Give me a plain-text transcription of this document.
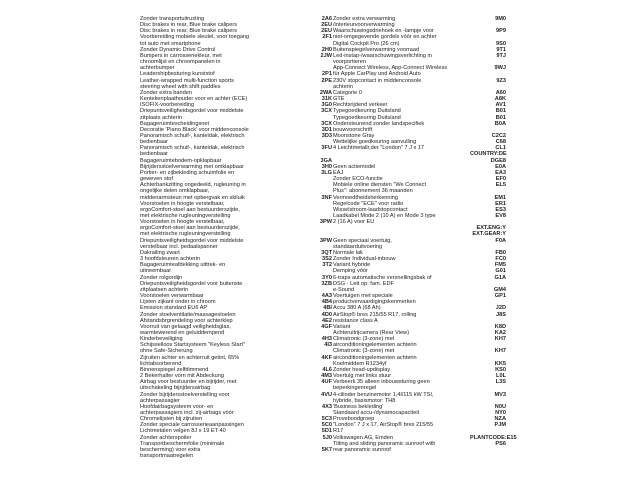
Zonder transportuitrusting
Disc brakes in rear, Blue brake calipers
Disc brakes in rear, Blue brake calipers
Voorbereiding mobiele sleutel, voor toegang
tot auto met smartphone
Zonder Dynamic Drive Control
Bumpers in carrosseriekleur, met
chroomlijst en chroompanelen in
achterbumper
Leadershipbesturing kunststof
Leather-wrapped multi-function sports
steering wheel with shift paddles
Zonder extra banden
Kentekenplaathouder voor en achter (ECE)
ISOFIX-voorbereiding
Driepuntsveiligheidsgordel voor middelste
zitplaats achterin
Bagageruimtescheidingsnet
Decoratie 'Piano Black' voor middenconsole
Panoramisch schuif-, kanteldak, elektrisch
bedienbaar
Panoramisch schuif-, kanteldak, elektrisch
bedienbaar
Bagageruimtebodem-opklapbaar
Bijrijdersstoelverwarming met omklapbaar
Portier- en zijbekleding schuimfolie en
geweven stof
Achterbankzitting ongedeeld, rugleuning in
ongelijke delen omklapbaar,
middenarmsteun met opbergvak en skiluik
Voorstoelen in hoogte verstelbaar,
ergoComfort-stoel aan bestuurderszijde,
met elektrische rugleuningverstelling
Voorstoelen in hoogte verstelbaar,
ergoComfort-stoel aan bestuurderszijde,
met elektrische rugleuningverstelling
Driepuntsveiligheidsgordel voor middelste
verstelbaar incl. pedaalspanner
Dakrailing zwart
3 hoofdsteunen achterin
Bagageruimteafdekking uittrek- en
uitneembaar
Zonder rolgordijn
Driepuntsveiligheidsgordel voor buitenste
zitplaatsen achterin
Voorstoelen verwarmbaar
Lijsten zijkant onder in chroom
Emission standard EU6 AP
Zonder stoelventilatie/massagestoelen
Afstandsbrgrendeling voor achterklep
Voorruit van gelaagd veiligheidsglas,
warmtewerend en geluiddempend
Kinderbeveiliging
Schijsselloos Startsysteem "Keyless Start"
ohne Safe-Sicherung
Zijruiten achter en achterruit getint, 65%
lichtabsorberend
Binnenspiegel zelfdimmend
2 Bekerhalter vorn mit Abdeckung
Airbag voor bestuurder en bijrijder, met
uitschakeling bijrijdersairbag
Zonder bijrijdersstoelverstelling voor
achterpassagier
Hoofdairbagsysteem voor- en
achterpassagiers incl. zij-airbags vóór
Chromelijsten bij zijruiten
Zonder speciale carrosserieaanpassingen
Lichtmetalen velgen 8J x 19 ET 40
Zonder achterspoiler
Transportbeschermfolie (minimale
bescherming) voor extra
transportmaatregelen
2A6
2EU
2EU
2F1

2H0
2JW

2P1
2PE

2WA
31K
3G0
3CX

3CX
3D1
3D3

3FU

3GA
3H0
3LG

3NF

3PW

3PW

3QT
3S2
3T2

3Y0
3ZB

4A3
4B4
4BI
4D0
4E2
4GF

4H3
4I3

4KF

4L6
4M3
4UF

4VU

4X3

5C3
5C0
5D1
5J0

5K7

Zonder extra verwarming
/interieurvoorverwarming
Waarschuwingsdriehoek en -lampje voor
niet-omgegevende gordels vóór en achter
Digital Cockpit Pro (26 cm)
Buitenspiegelverwarming voorraad
Led-instap-/waarschuwingsverlichting in
voorportieren
App-Connect Wireless, App-Connect Wireless
für Apple CarPlay und Android Auto
230V stopcontact in middenconsole
achterin
Categorie 0
GTE
Rechtsrijdend verkeer
Typegoedkeuring Duitsland
Typegoedkeuring Duitsland
Ondersteunend zonder landspecifiek
bouwvoorschrift
Moonstone Gray
Wettelijke goedkeuring aanvulling
4 Leichtmetallr,der "London" 7 J x 17

Geen actiemodel
EAJ
Zonder ECO-functie
Mobiele online diensten "We Connect
Plus": abonnement 36 maanden
Vermoedtheidsherkenning
Regelcode "ECE" voor radio
Wisselstroom-laadstopcontact
Laadkabel Mode 2 (10 A) en Mode 3 type
2 (16 A) voor EU

Geen speciaal voertuig,
standaarduitvoering
Normale lak
Zonder Individual-inbouw
Variant hybride
Demping vóór
6-traps automatische versnellingsbak of
DSG - Lett op: fam. EDF
e-Sound
Voertuigen met speciale
productvervaardigingskenmerken
Accu 380 A (68 Ah)
AirStop® bres 215/55 R17, rolling
resistance class A
Variant
Achteruitrijcamera (Rear View)
Climatronic (3-zone) met
airconditioningelementen achterin
Climatronic (3-zone) met
airconditioningelementen achterin
Koelmiddem R1234yf
Zonder head-updisplay
Voertuig met links stuur
Verbeerk 35 alleen inbouwsturing geen
beperkingenregel
4-cilinder benzinemotor 1,4l/115 kW TSI,
hybride, basismotor: TH8
'Business bekleding'
Standaard accu-/dynamocapaciteit
Proveboodgroep
"London" 7 J x 17, AirStop® bres 215/55
R17
Volkswagen AG, Emden
Tilting and sliding panoramic sunroof with
rear panoramic sunroof
9M0

9P9

9S0
9T1
9TJ

9WJ

9Z3

A60
A8K
AV1
B01
B01
B0A

C2C2
C68
CL1
COUNTRY:DE
DGE8
E0A
EA3
EF0
EL5

EM1
ER1
ES3
EV8

EXT.ENG:Y
EXT.GEAR:Y
F0A

FB0
FC0
FM5
G01
G1A

GM4
GP1

J2D
J8S

K8D
KA2
KH7

KH7

KK5
KS0
L0L
L3S

MV3

N0U
NY0
NZA
PJM

PLANTCODE:E15
PS6
